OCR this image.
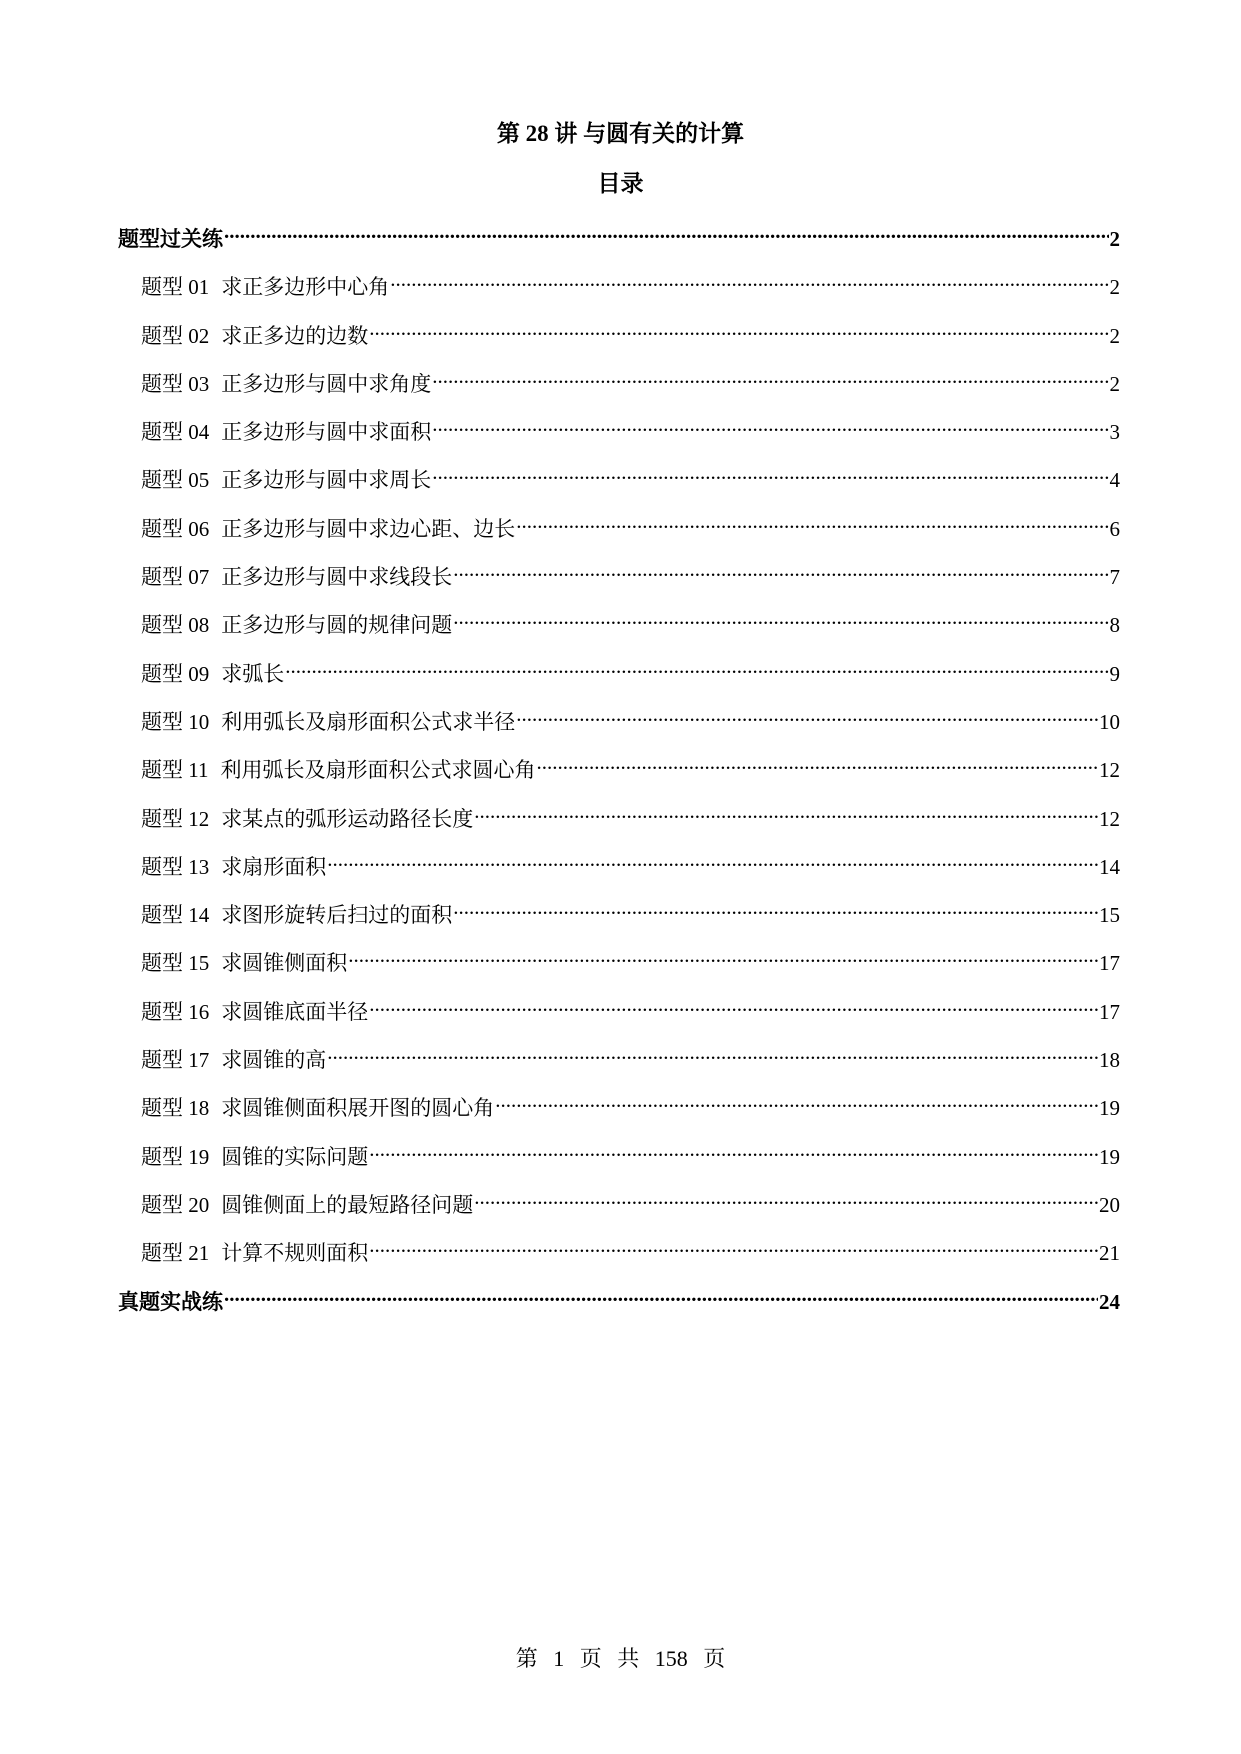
第 28 讲 与圆有关的计算
目录
题型过关练 .....	2
题型 01 求正多边形中心角 .....	2
题型 02 求正多边的边数 .....	2
题型 03 正多边形与圆中求角度 .....	2
题型 04 正多边形与圆中求面积 .....	3
题型 05 正多边形与圆中求周长 .....	4
题型 06 正多边形与圆中求边心距、边长 .....	6
题型 07 正多边形与圆中求线段长 .....	7
题型 08 正多边形与圆的规律问题 .....	8
题型 09 求弧长 .....	9
题型 10 利用弧长及扇形面积公式求半径 .....	10
题型 11 利用弧长及扇形面积公式求圆心角 .....	12
题型 12 求某点的弧形运动路径长度 .....	12
题型 13 求扇形面积 .....	14
题型 14 求图形旋转后扫过的面积 .....	15
题型 15 求圆锥侧面积 .....	17
题型 16 求圆锥底面半径 .....	17
题型 17 求圆锥的高 .....	18
题型 18 求圆锥侧面积展开图的圆心角 .....	19
题型 19 圆锥的实际问题 .....	19
题型 20 圆锥侧面上的最短路径问题 .....	20
题型 21 计算不规则面积 .....	21
真题实战练 .....	24
第 1 页 共 158 页
